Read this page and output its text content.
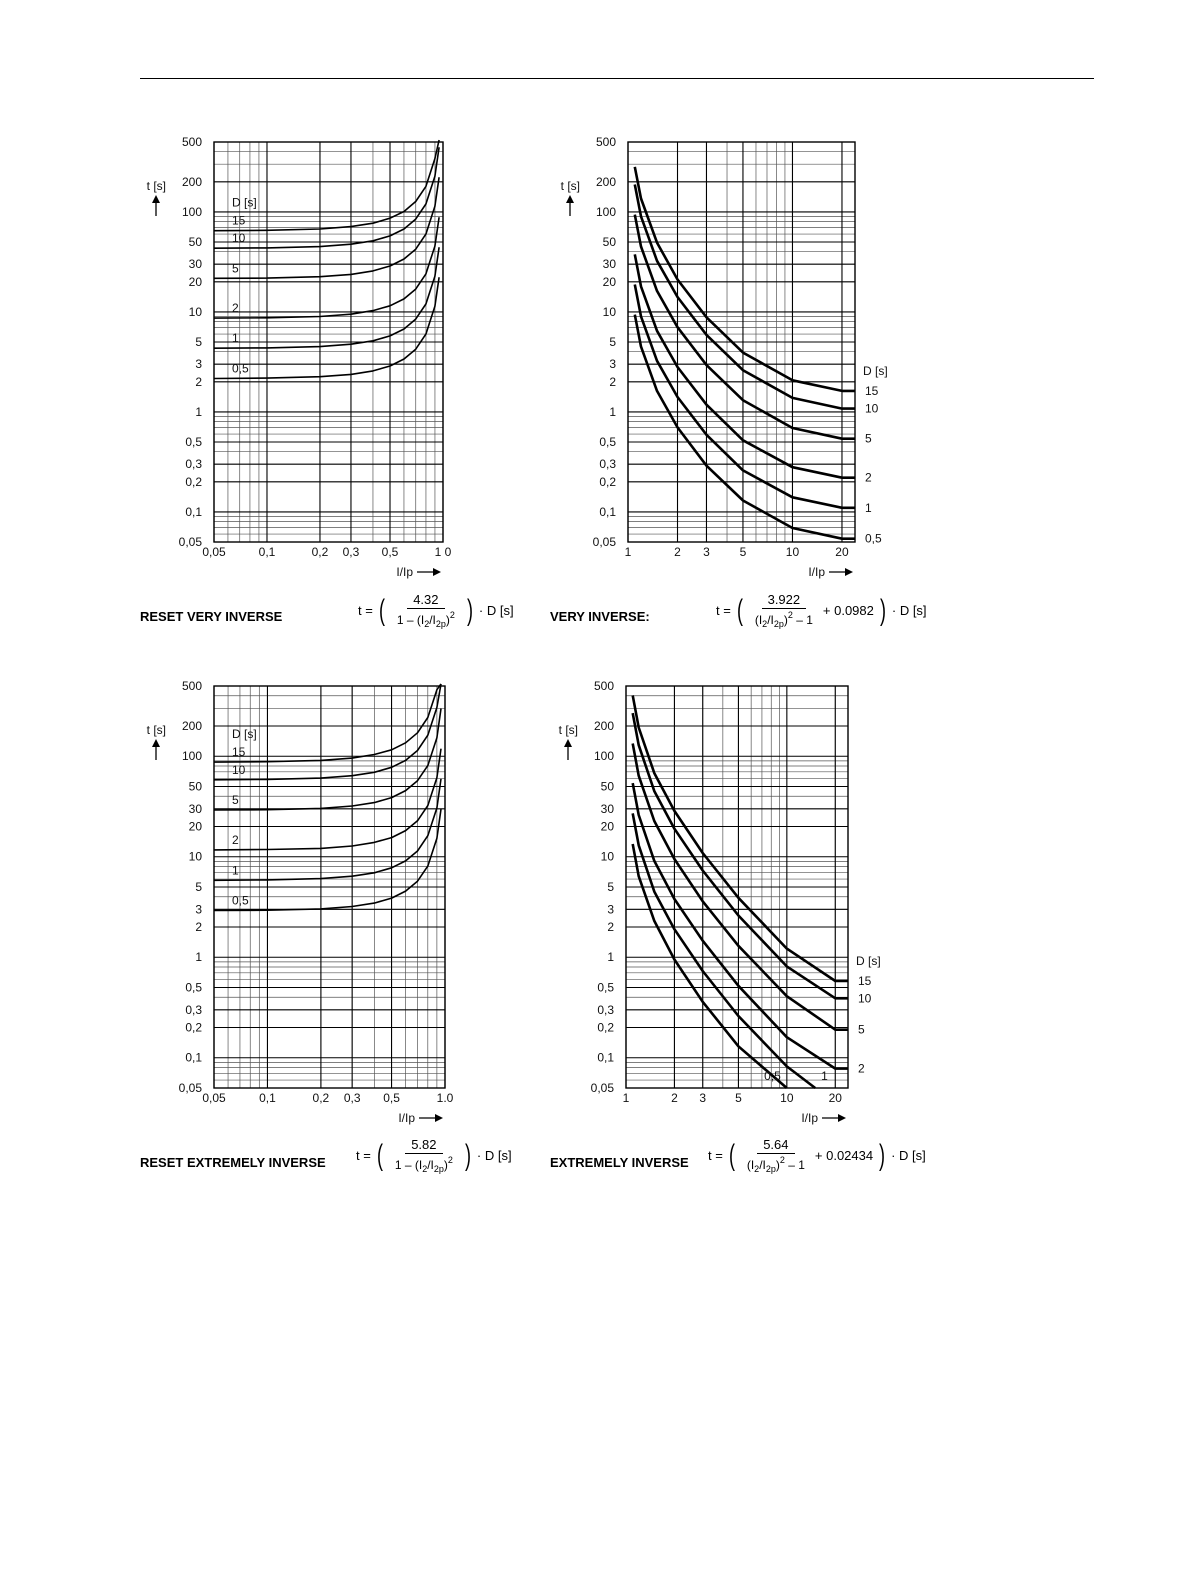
500
200
100
50
30
20
10
5
3
2
1
0,5
0,3
0,2
0,1
0,05
0,05	0,1	0,2 0,3 0,5	1 0
t [s]
I/Ip
15
10
5
2
1
0,5
D [s]
500
200
100
50
30
20
10
5
3
2
1
0,5
0,3
0,2
0,1
0,05
1	2 3 5	10	20
t [s]
I/Ip
15
10
5
2
1
0,5
D [s]
500
200
100
50
30
20
10
5
3
2
1
0,5
0,3
0,2
0,1
0,05
0,05	0,1	0,2 0,3 0,5	1.0
t [s]
I/Ip
15
10
5
2
1
0,5
D [s]
500
200
100
50
30
20
10
5
3
2
1
0,5
0,3
0,2
0,1
0,05
1	2 3 5	10	20
t [s]
I/Ip
15
10
5
2
1
0,5
D [s]
RESET VERY INVERSE	t = ( $\frac{4.32}{1 - (I_2/I_{2p})^2}$ ) · D [s]	VERY INVERSE:	t = ( $\frac{3.922}{(I_2/I_{2p})^2 - 1} + 0.0982$ ) · D [s]
RESET EXTREMELY INVERSE t = ( $\frac{5.82}{1 - (I_2/I_{2p})^2}$ ) · D [s]	EXTREMELY INVERSE t = ( $\frac{5.64}{(I_2/I_{2p})^2 - 1} + 0.02434$ ) · D [s]
